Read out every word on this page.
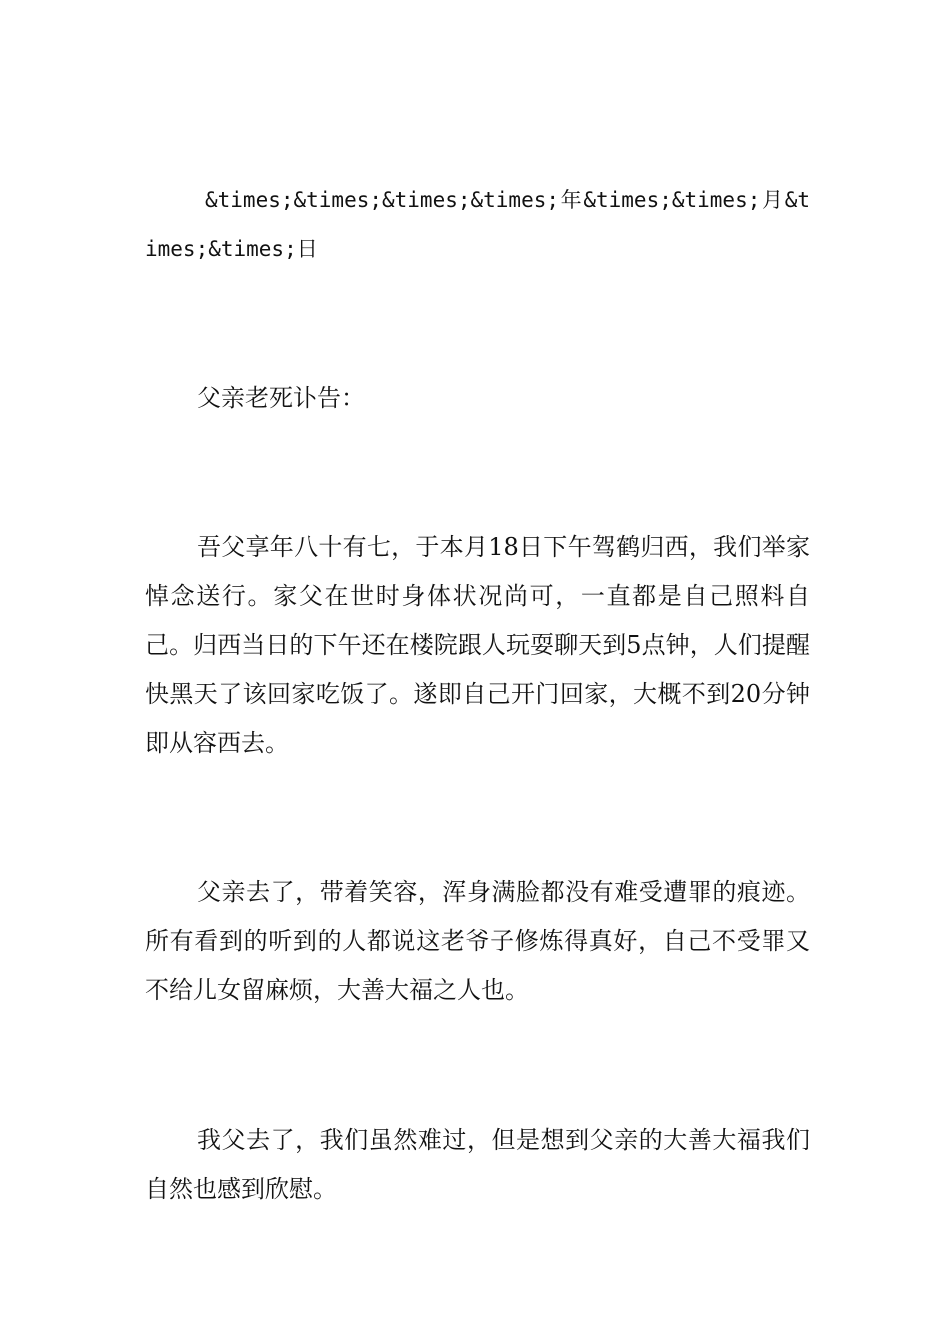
&times;&times;&times;&times;年&times;&times;月&times;&times;日

父亲老死讣告：

吾父享年八十有七，于本月18日下午驾鹤归西，我们举家悼念送行。家父在世时身体状况尚可，一直都是自己照料自己。归西当日的下午还在楼院跟人玩耍聊天到5点钟，人们提醒快黑天了该回家吃饭了。遂即自己开门回家，大概不到20分钟即从容西去。

父亲去了，带着笑容，浑身满脸都没有难受遭罪的痕迹。所有看到的听到的人都说这老爷子修炼得真好，自己不受罪又不给儿女留麻烦，大善大福之人也。

我父去了，我们虽然难过，但是想到父亲的大善大福我们自然也感到欣慰。
